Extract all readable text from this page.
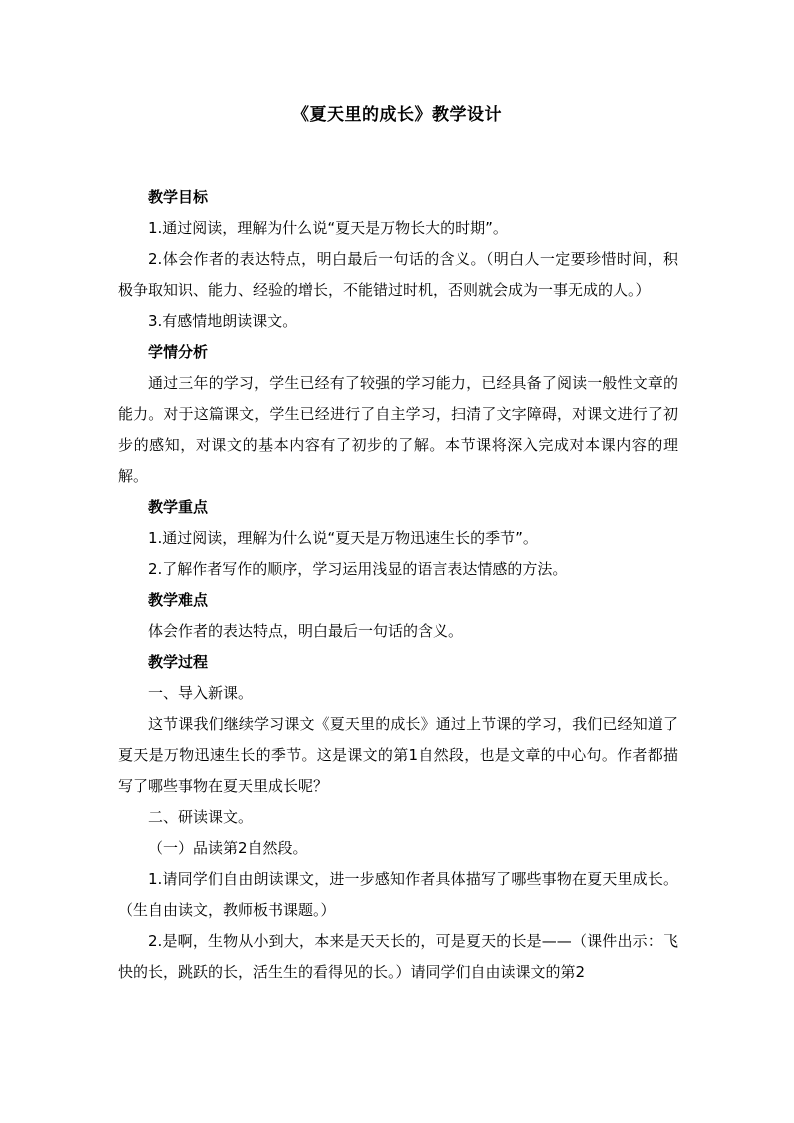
《夏天里的成长》教学设计

教学目标

1.通过阅读，理解为什么说“夏天是万物长大的时期”。

2.体会作者的表达特点，明白最后一句话的含义。（明白人一定要珍惜时间，积极争取知识、能力、经验的增长，不能错过时机，否则就会成为一事无成的人。）

3.有感情地朗读课文。

学情分析

通过三年的学习，学生已经有了较强的学习能力，已经具备了阅读一般性文章的能力。对于这篇课文，学生已经进行了自主学习，扫清了文字障碍，对课文进行了初步的感知，对课文的基本内容有了初步的了解。本节课将深入完成对本课内容的理解。

教学重点

1.通过阅读，理解为什么说“夏天是万物迅速生长的季节”。

2.了解作者写作的顺序，学习运用浅显的语言表达情感的方法。

教学难点

体会作者的表达特点，明白最后一句话的含义。

教学过程

一、导入新课。

这节课我们继续学习课文《夏天里的成长》通过上节课的学习，我们已经知道了夏天是万物迅速生长的季节。这是课文的第1自然段，也是文章的中心句。作者都描写了哪些事物在夏天里成长呢？

二、研读课文。

（一）品读第2自然段。

1.请同学们自由朗读课文，进一步感知作者具体描写了哪些事物在夏天里成长。（生自由读文，教师板书课题。）

2.是啊，生物从小到大，本来是天天长的，可是夏天的长是——（课件出示：飞快的长，跳跃的长，活生生的看得见的长。）请同学们自由读课文的第2
